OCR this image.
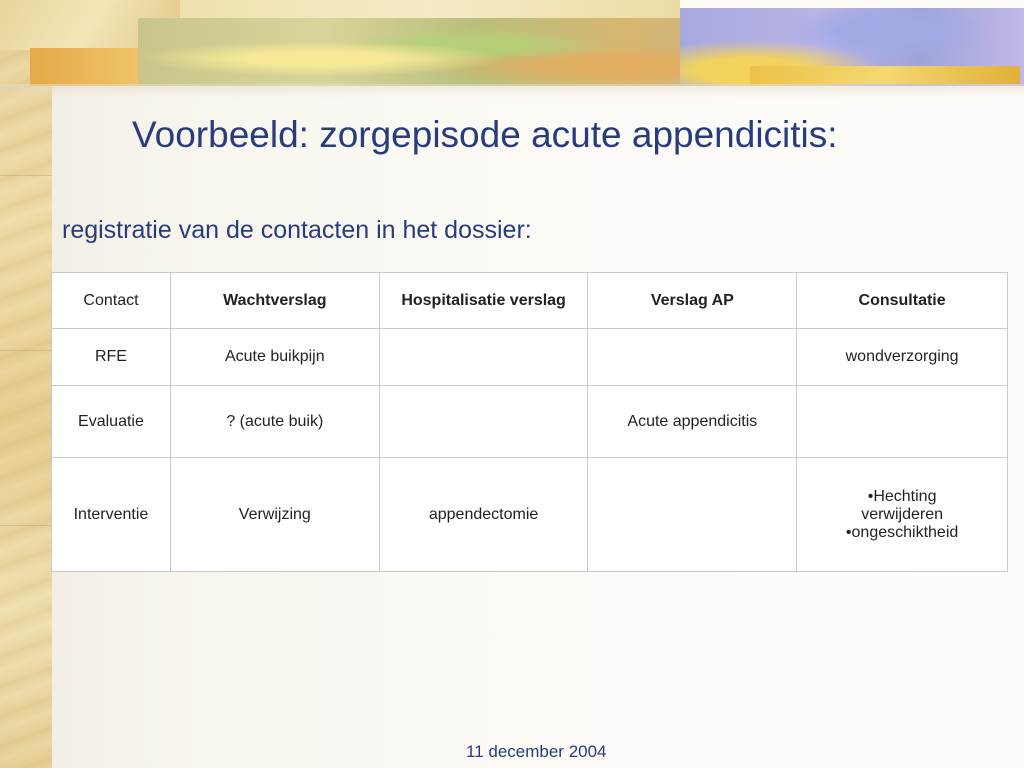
Voorbeeld: zorgepisode acute appendicitis:
registratie van de contacten in het dossier:
Contact	Wachtverslag	Hospitalisatie verslag	Verslag AP	Consultatie
RFE	Acute buikpijn			wondverzorging
Evaluatie	? (acute buik)		Acute appendicitis	
Interventie	Verwijzing	appendectomie		•Hechting
verwijderen
•ongeschiktheid

11 december 2004
